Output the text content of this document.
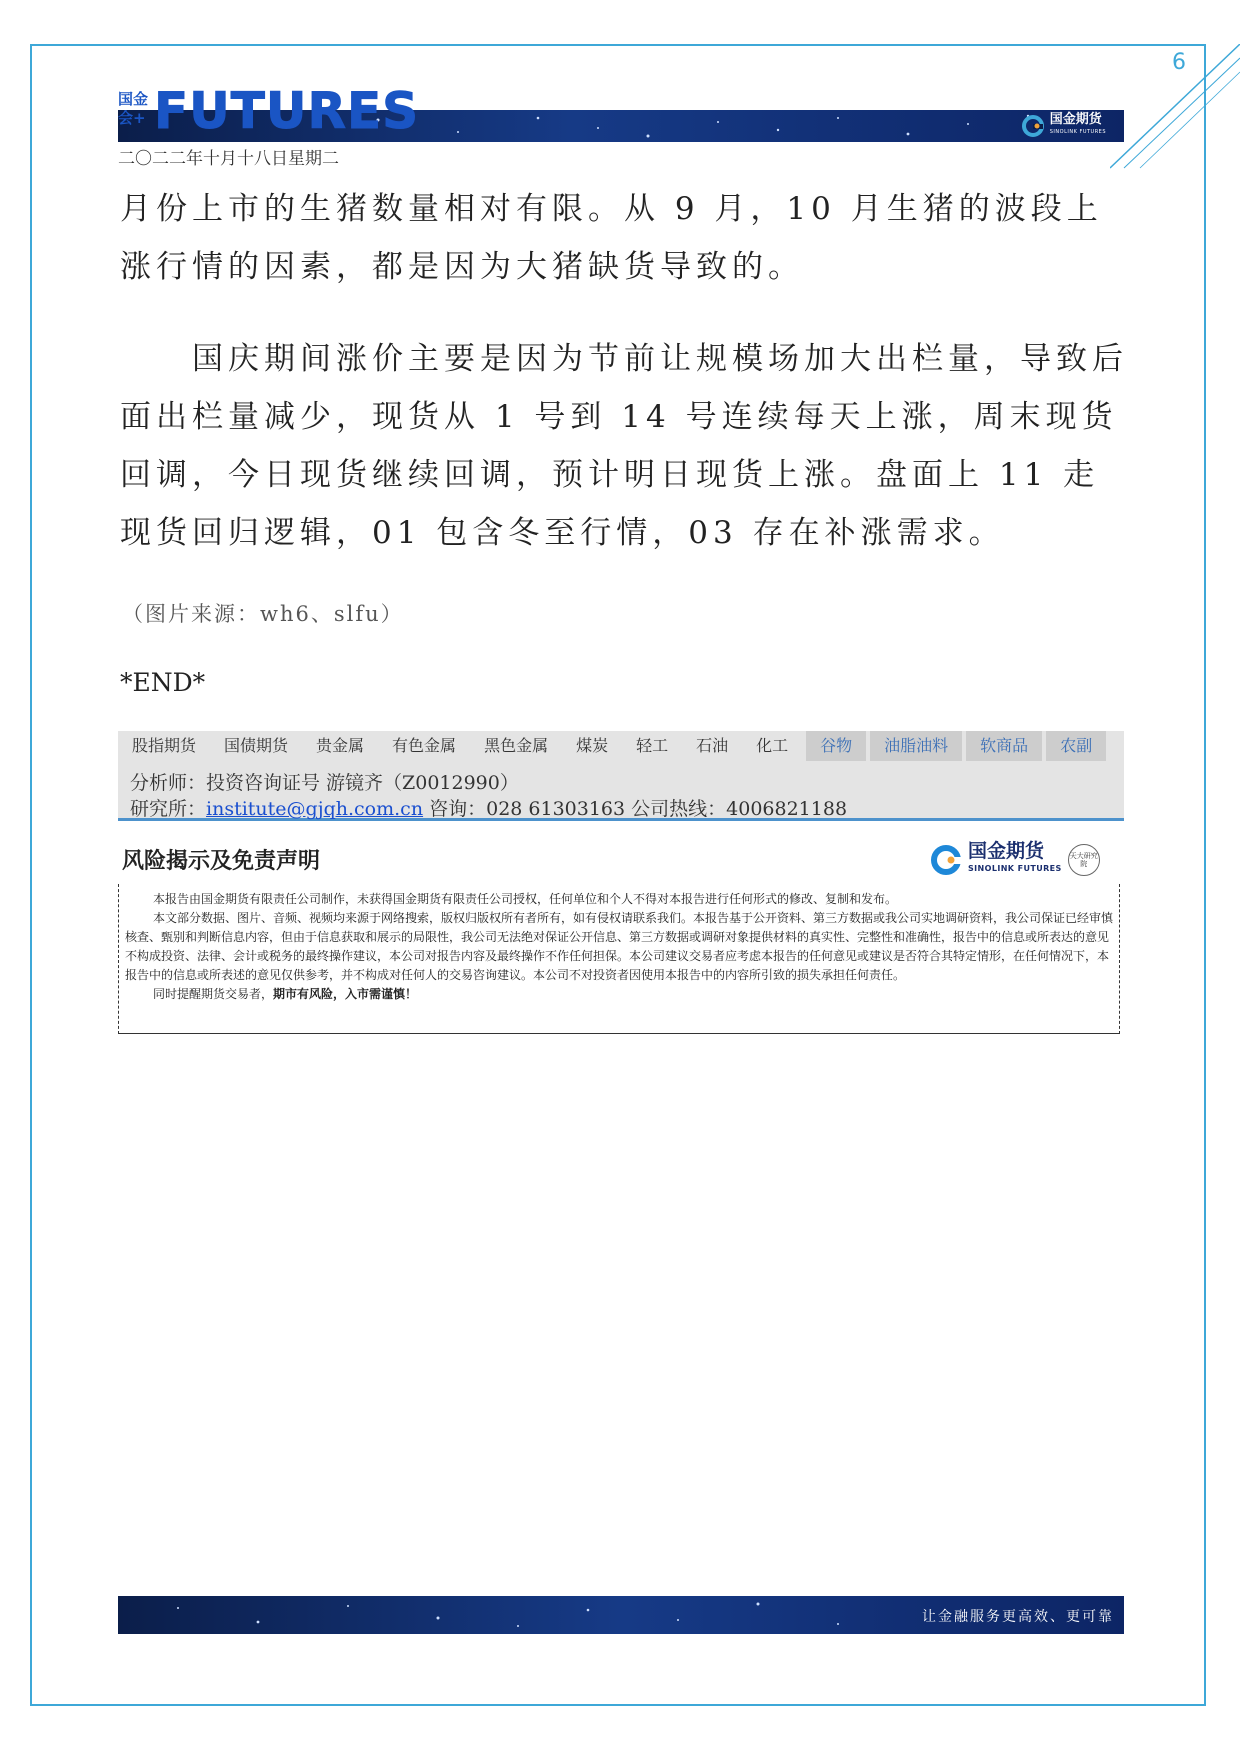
6
国金期货
SINOLINK FUTURES
国金会+ FUTURES
二〇二二年十月十八日星期二
月份上市的生猪数量相对有限。从 9 月，10 月生猪的波段上涨行情的因素，都是因为大猪缺货导致的。
国庆期间涨价主要是因为节前让规模场加大出栏量，导致后面出栏量减少，现货从 1 号到 14 号连续每天上涨，周末现货回调，今日现货继续回调，预计明日现货上涨。盘面上 11 走现货回归逻辑，01 包含冬至行情，03 存在补涨需求。
（图片来源：wh6、slfu）
*END*
股指期货	国债期货	贵金属	有色金属	黑色金属	煤炭	轻工	石油	化工	谷物	油脂油料	软商品	农副
分析师：投资咨询证号 游镜齐（Z0012990）
研究所：institute@gjqh.com.cn 咨询：028 61303163 公司热线：4006821188
风险揭示及免责声明	国金期货
SINOLINK FUTURES
天大研究院

本报告由国金期货有限责任公司制作，未获得国金期货有限责任公司授权，任何单位和个人不得对本报告进行任何形式的修改、复制和发布。

本文部分数据、图片、音频、视频均来源于网络搜索，版权归版权所有者所有，如有侵权请联系我们。本报告基于公开资料、第三方数据或我公司实地调研资料，我公司保证已经审慎核查、甄别和判断信息内容，但由于信息获取和展示的局限性，我公司无法绝对保证公开信息、第三方数据或调研对象提供材料的真实性、完整性和准确性，报告中的信息或所表达的意见不构成投资、法律、会计或税务的最终操作建议，本公司对报告内容及最终操作不作任何担保。本公司建议交易者应考虑本报告的任何意见或建议是否符合其特定情形，在任何情况下，本报告中的信息或所表述的意见仅供参考，并不构成对任何人的交易咨询建议。本公司不对投资者因使用本报告中的内容所引致的损失承担任何责任。

同时提醒期货交易者，期市有风险，入市需谨慎！

让金融服务更高效、更可靠
